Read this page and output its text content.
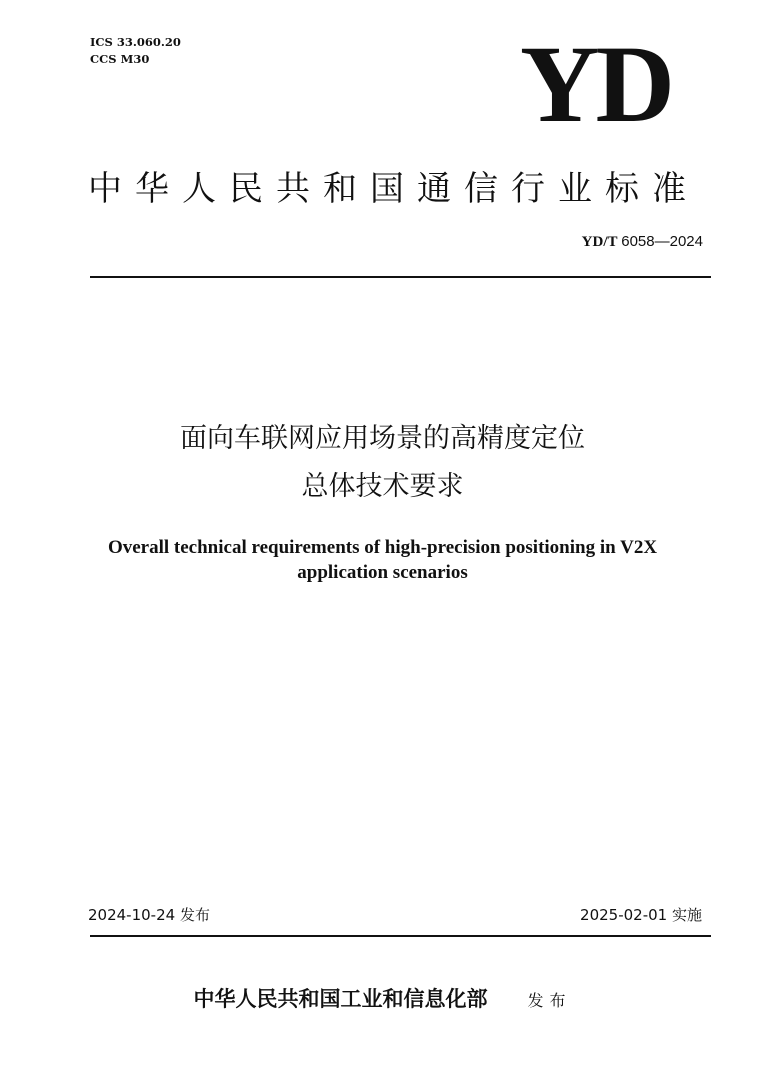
ICS 33.060.20
CCS M30	YD
中华人民共和国通信行业标准
YD/T 6058—2024
面向车联网应用场景的高精度定位
总体技术要求
Overall technical requirements of high-precision positioning in V2X
application scenarios
2024-10-24 发布	2025-02-01 实施
中华人民共和国工业和信息化部	发布
